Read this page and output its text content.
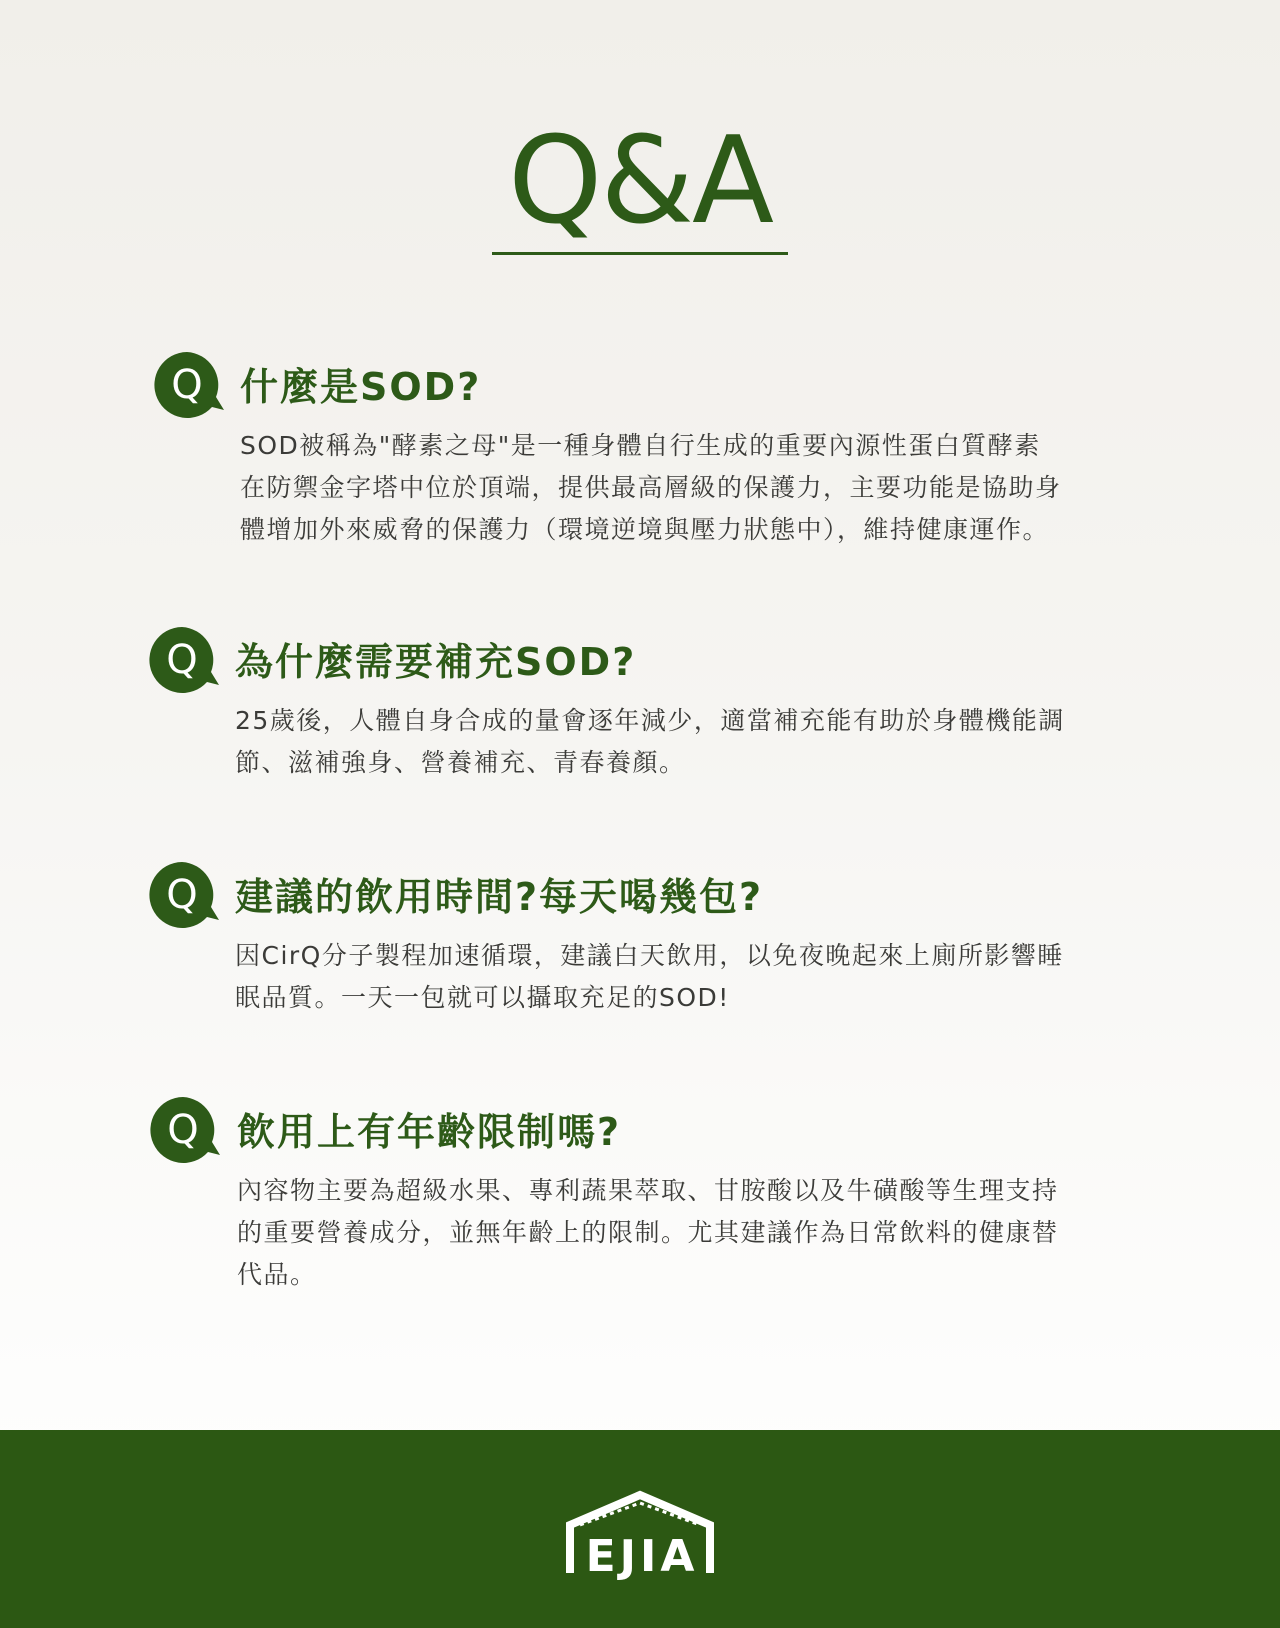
Q&A
Q 什麼是SOD?

SOD被稱為"酵素之母"是一種身體自行生成的重要內源性蛋白質酵素

在防禦金字塔中位於頂端，提供最高層級的保護力，主要功能是協助身

體增加外來威脅的保護力（環境逆境與壓力狀態中），維持健康運作。

Q 為什麼需要補充SOD?

25歲後，人體自身合成的量會逐年減少，適當補充能有助於身體機能調

節、滋補強身、營養補充、青春養顏。

Q 建議的飲用時間?每天喝幾包?

因CirQ分子製程加速循環，建議白天飲用，以免夜晚起來上廁所影響睡

眠品質。一天一包就可以攝取充足的SOD!

Q 飲用上有年齡限制嗎?

內容物主要為超級水果、專利蔬果萃取、甘胺酸以及牛磺酸等生理支持

的重要營養成分，並無年齡上的限制。尤其建議作為日常飲料的健康替

代品。

EJIA
